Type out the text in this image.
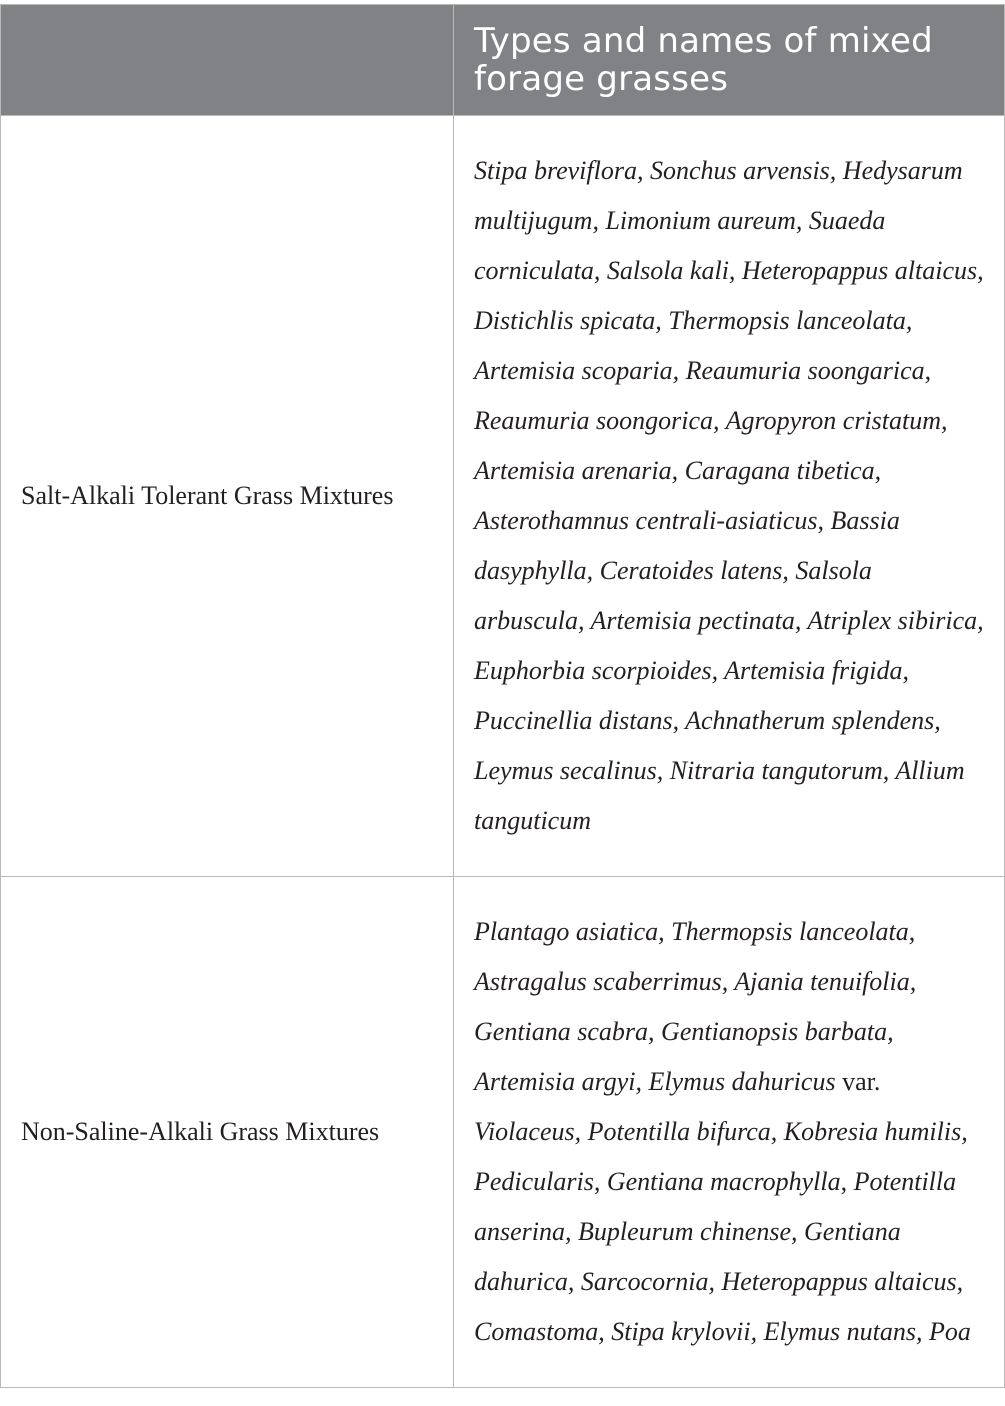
	Types and names of mixed forage grasses

Salt-Alkali Tolerant Grass Mixtures	Stipa breviflora, Sonchus arvensis, Hedysarum multijugum, Limonium aureum, Suaeda corniculata, Salsola kali, Heteropappus altaicus, Distichlis spicata, Thermopsis lanceolata, Artemisia scoparia, Reaumuria soongarica, Reaumuria soongorica, Agropyron cristatum, Artemisia arenaria, Caragana tibetica, Asterothamnus centrali-asiaticus, Bassia dasyphylla, Ceratoides latens, Salsola arbuscula, Artemisia pectinata, Atriplex sibirica, Euphorbia scorpioides, Artemisia frigida, Puccinellia distans, Achnatherum splendens, Leymus secalinus, Nitraria tangutorum, Allium tanguticum
Non-Saline-Alkali Grass Mixtures	Plantago asiatica, Thermopsis lanceolata, Astragalus scaberrimus, Ajania tenuifolia, Gentiana scabra, Gentianopsis barbata, Artemisia argyi, Elymus dahuricus var. Violaceus, Potentilla bifurca, Kobresia humilis, Pedicularis, Gentiana macrophylla, Potentilla anserina, Bupleurum chinense, Gentiana dahurica, Sarcocornia, Heteropappus altaicus, Comastoma, Stipa krylovii, Elymus nutans, Poa
